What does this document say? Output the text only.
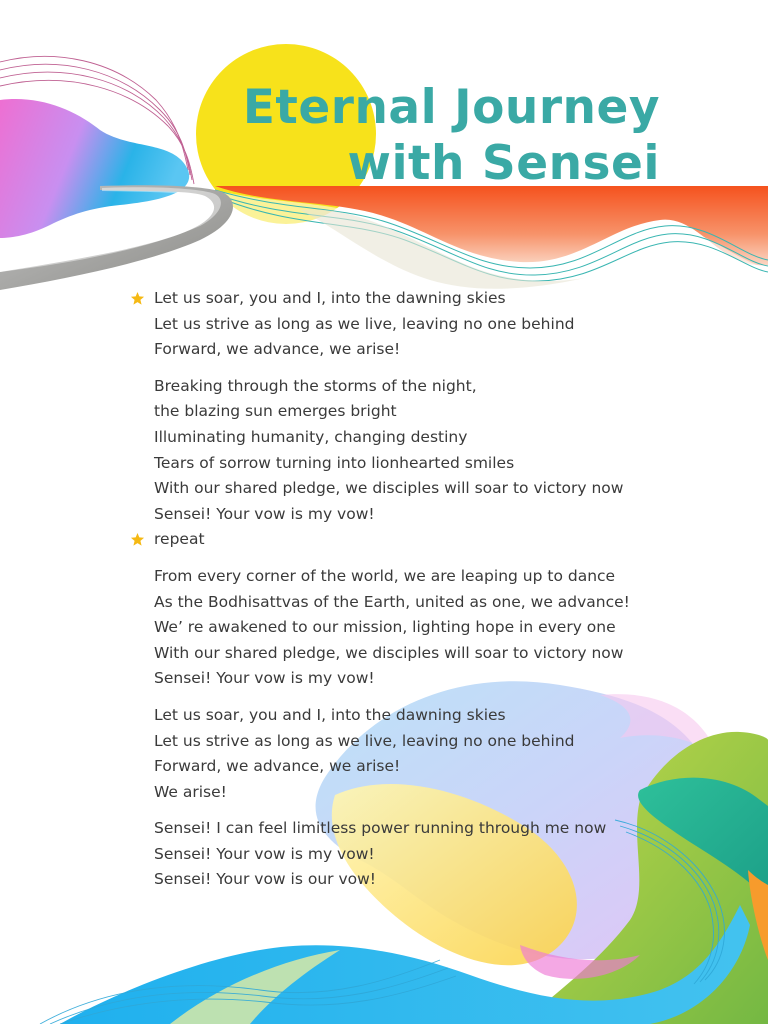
Eternal Journey
with Sensei
Let us soar, you and I, into the dawning skies
Let us strive as long as we live, leaving no one behind
Forward, we advance, we arise!
Breaking through the storms of the night,
the blazing sun emerges bright
Illuminating humanity, changing destiny
Tears of sorrow turning into lionhearted smiles
With our shared pledge, we disciples will soar to victory now
Sensei! Your vow is my vow!
repeat
From every corner of the world, we are leaping up to dance
As the Bodhisattvas of the Earth, united as one, we advance!
We’ re awakened to our mission, lighting hope in every one
With our shared pledge, we disciples will soar to victory now
Sensei! Your vow is my vow!
Let us soar, you and I, into the dawning skies
Let us strive as long as we live, leaving no one behind
Forward, we advance, we arise!
We arise!
Sensei! I can feel limitless power running through me now
Sensei! Your vow is my vow!
Sensei! Your vow is our vow!
